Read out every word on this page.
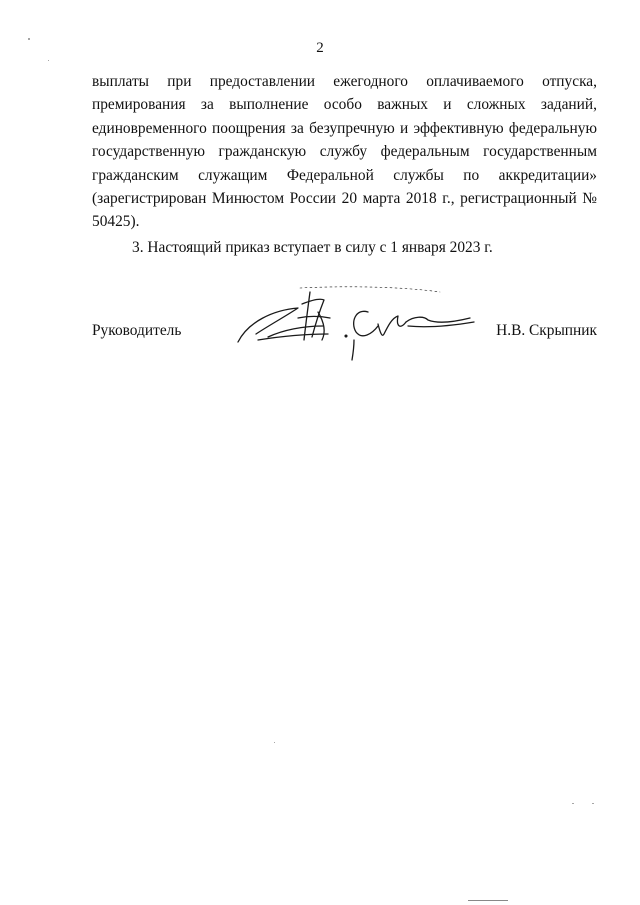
2

выплаты при предоставлении ежегодного оплачиваемого отпуска, премирования за выполнение особо важных и сложных заданий, единовременного поощрения за безупречную и эффективную федеральную государственную гражданскую службу федеральным государственным гражданским служащим Федеральной службы по аккредитации» (зарегистрирован Минюстом России 20 марта 2018 г., регистрационный № 50425).

3. Настоящий приказ вступает в силу с 1 января 2023 г.

Руководитель	Н.В. Скрыпник
